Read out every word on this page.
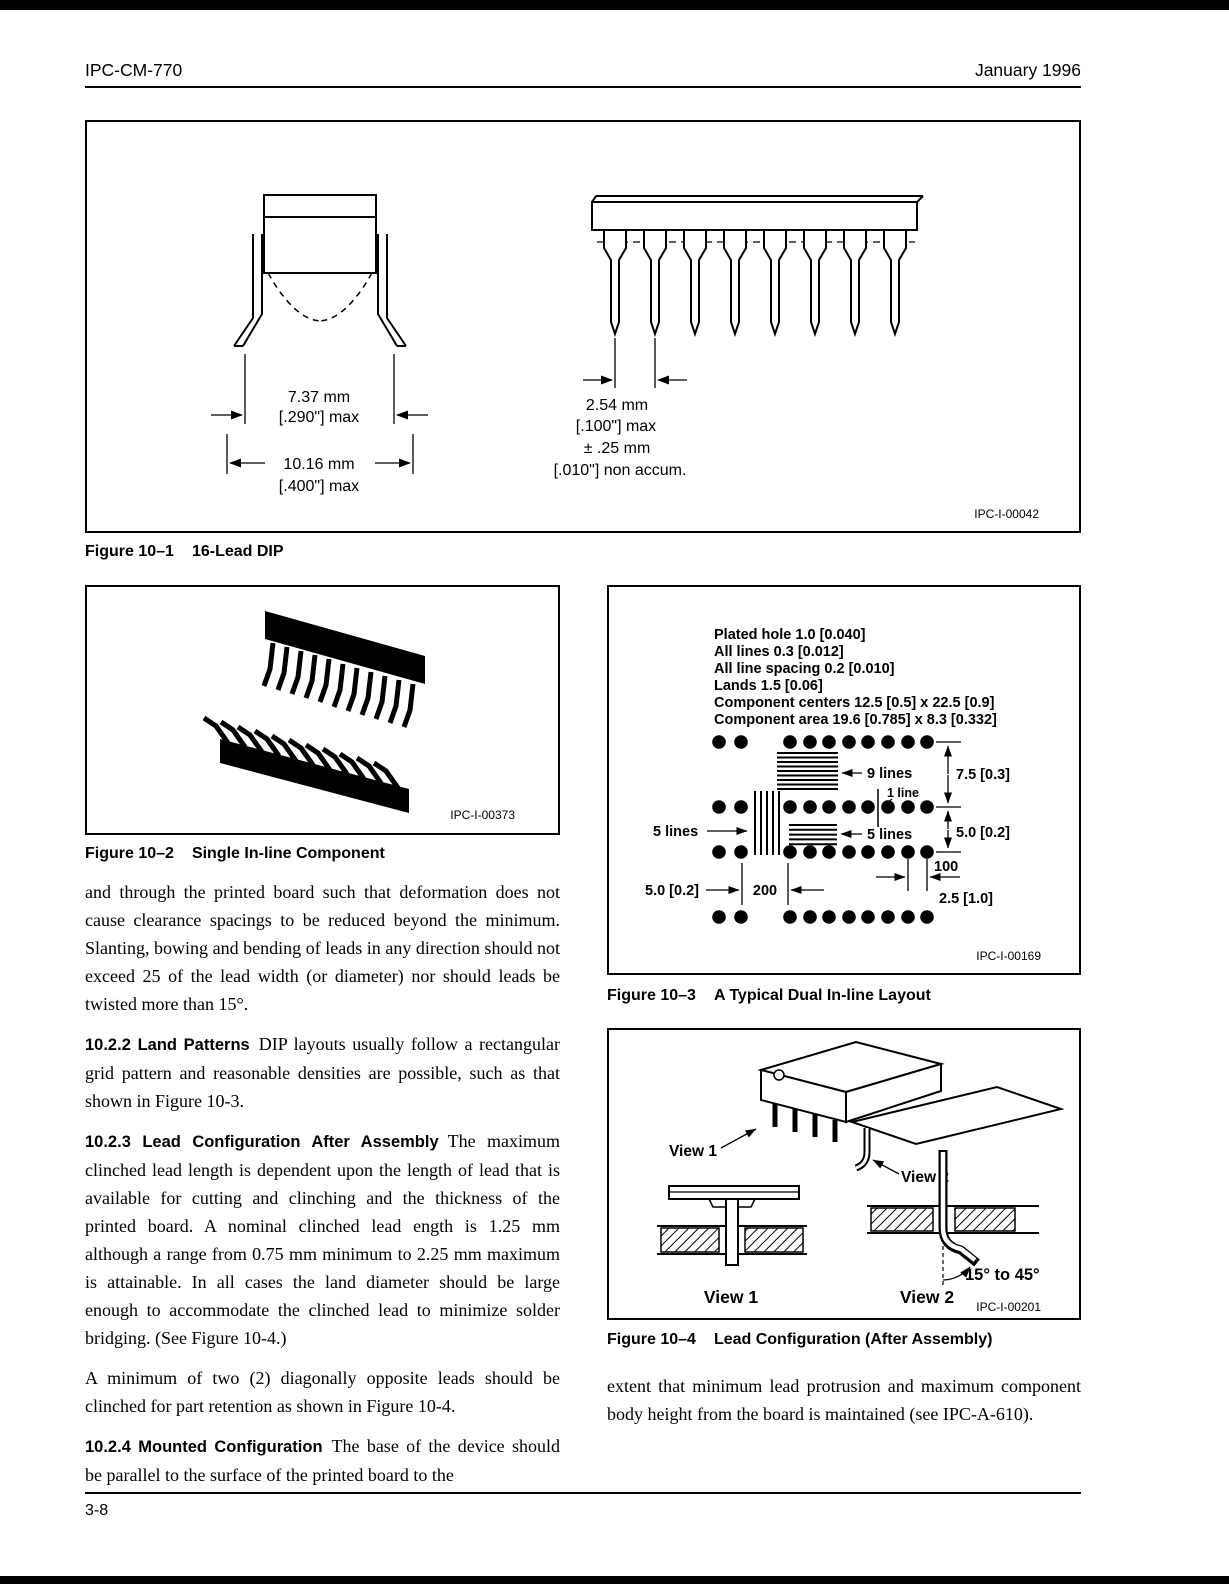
IPC-CM-770	January 1996
7.37 mm
[.290"] max
10.16 mm
[.400"] max
2.54 mm
[.100"] max
± .25 mm
[.010"] non accum.
IPC-I-00042
Figure 10–1 16-Lead DIP
IPC-I-00373
Figure 10–2 Single In-line Component
Plated hole 1.0 [0.040]
All lines 0.3 [0.012]
All line spacing 0.2 [0.010]
Lands 1.5 [0.06]
Component centers 12.5 [0.5] x 22.5 [0.9]
Component area 19.6 [0.785] x 8.3 [0.332]
9 lines
1 line
5 lines	5 lines
7.5 [0.3]
5.0 [0.2]
5.0 [0.2]	200
100
2.5 [1.0]
IPC-I-00169
Figure 10–3 A Typical Dual In-line Layout
View 1
View 2
15° to 45°
View 1	View 2 IPC-I-00201
Figure 10–4 Lead Configuration (After Assembly)

and through the printed board such that deformation does not cause clearance spacings to be reduced beyond the minimum. Slanting, bowing and bending of leads in any direction should not exceed 25 of the lead width (or diameter) nor should leads be twisted more than 15°.

10.2.2 Land Patterns DIP layouts usually follow a rectangular grid pattern and reasonable densities are possible, such as that shown in Figure 10-3.

10.2.3 Lead Configuration After Assembly The maximum clinched lead length is dependent upon the length of lead that is available for cutting and clinching and the thickness of the printed board. A nominal clinched lead ength is 1.25 mm although a range from 0.75 mm minimum to 2.25 mm maximum is attainable. In all cases the land diameter should be large enough to accommodate the clinched lead to minimize solder bridging. (See Figure 10-4.)

A minimum of two (2) diagonally opposite leads should be clinched for part retention as shown in Figure 10-4.

10.2.4 Mounted Configuration The base of the device should be parallel to the surface of the printed board to the

extent that minimum lead protrusion and maximum component body height from the board is maintained (see IPC-A-610).

3-8
